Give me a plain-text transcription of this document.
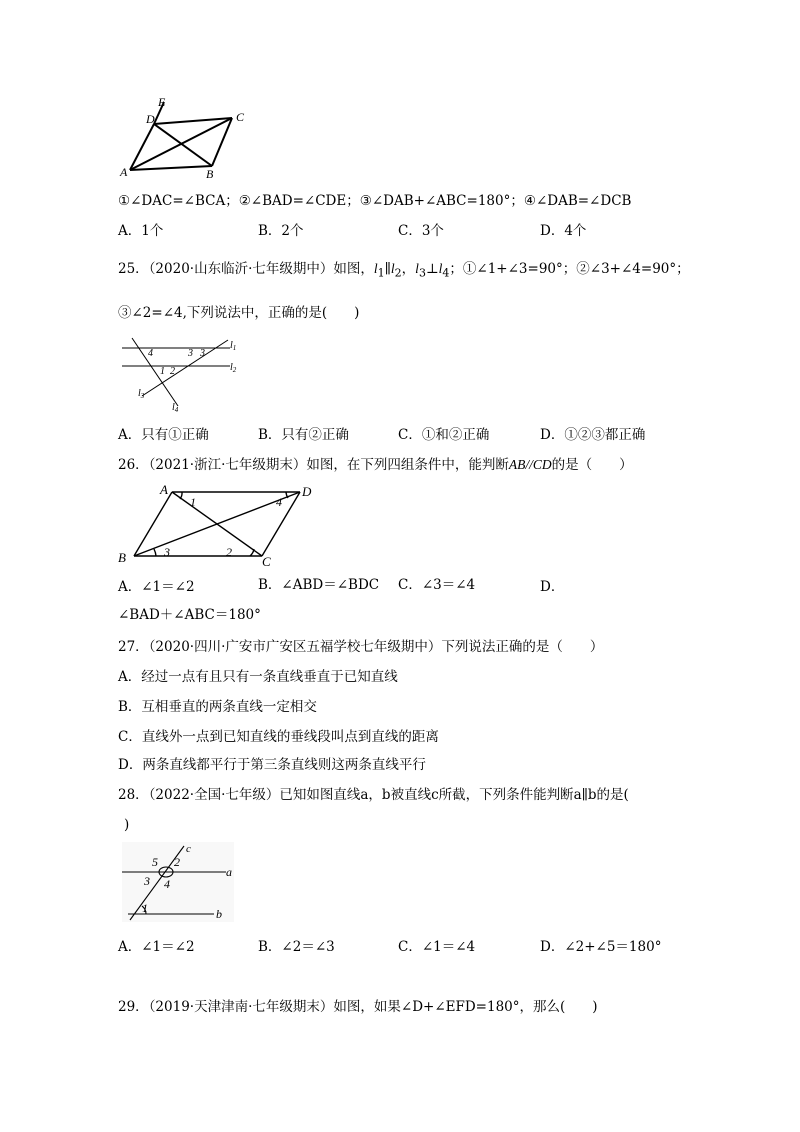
E
D	C
A	B
①∠DAC=∠BCA；②∠BAD=∠CDE；③∠DAB+∠ABC=180°；④∠DAB=∠DCB
A．1个	B．2个	C．3个	D．4个
25．（2020·山东临沂·七年级期中）如图，$l_1\parallel l_2$，$l_3\perp l_4$；①∠1+∠3=90°；②∠3+∠4=90°；
③∠2=∠4,下列说法中，正确的是(　　)
4	3 3
1 2
$l_1$
$l_2$
$l_3$
$l_4$
A．只有①正确	B．只有②正确	C．①和②正确	D．①②③都正确
26．（2021·浙江·七年级期末）如图，在下列四组条件中，能判断AB//CD的是（　　）
A
1	4
D
B	3	2
C
A．∠1＝∠2	B．∠ABD＝∠BDC C．∠3＝∠4	D．
∠BAD＋∠ABC＝180°
27．（2020·四川·广安市广安区五福学校七年级期中）下列说法正确的是（　　）
A．经过一点有且只有一条直线垂直于已知直线
B．互相垂直的两条直线一定相交
C．直线外一点到已知直线的垂线段叫点到直线的距离
D．两条直线都平行于第三条直线则这两条直线平行
28．（2022·全国·七年级）已知如图直线a，b被直线c所截，下列条件能判断a∥b的是(
)
5 2
c
3 4
a
1	b
A．∠1＝∠2	B．∠2＝∠3	C．∠1＝∠4	D．∠2+∠5＝180°
29．（2019·天津津南·七年级期末）如图，如果∠D+∠EFD=180°，那么(　　)
